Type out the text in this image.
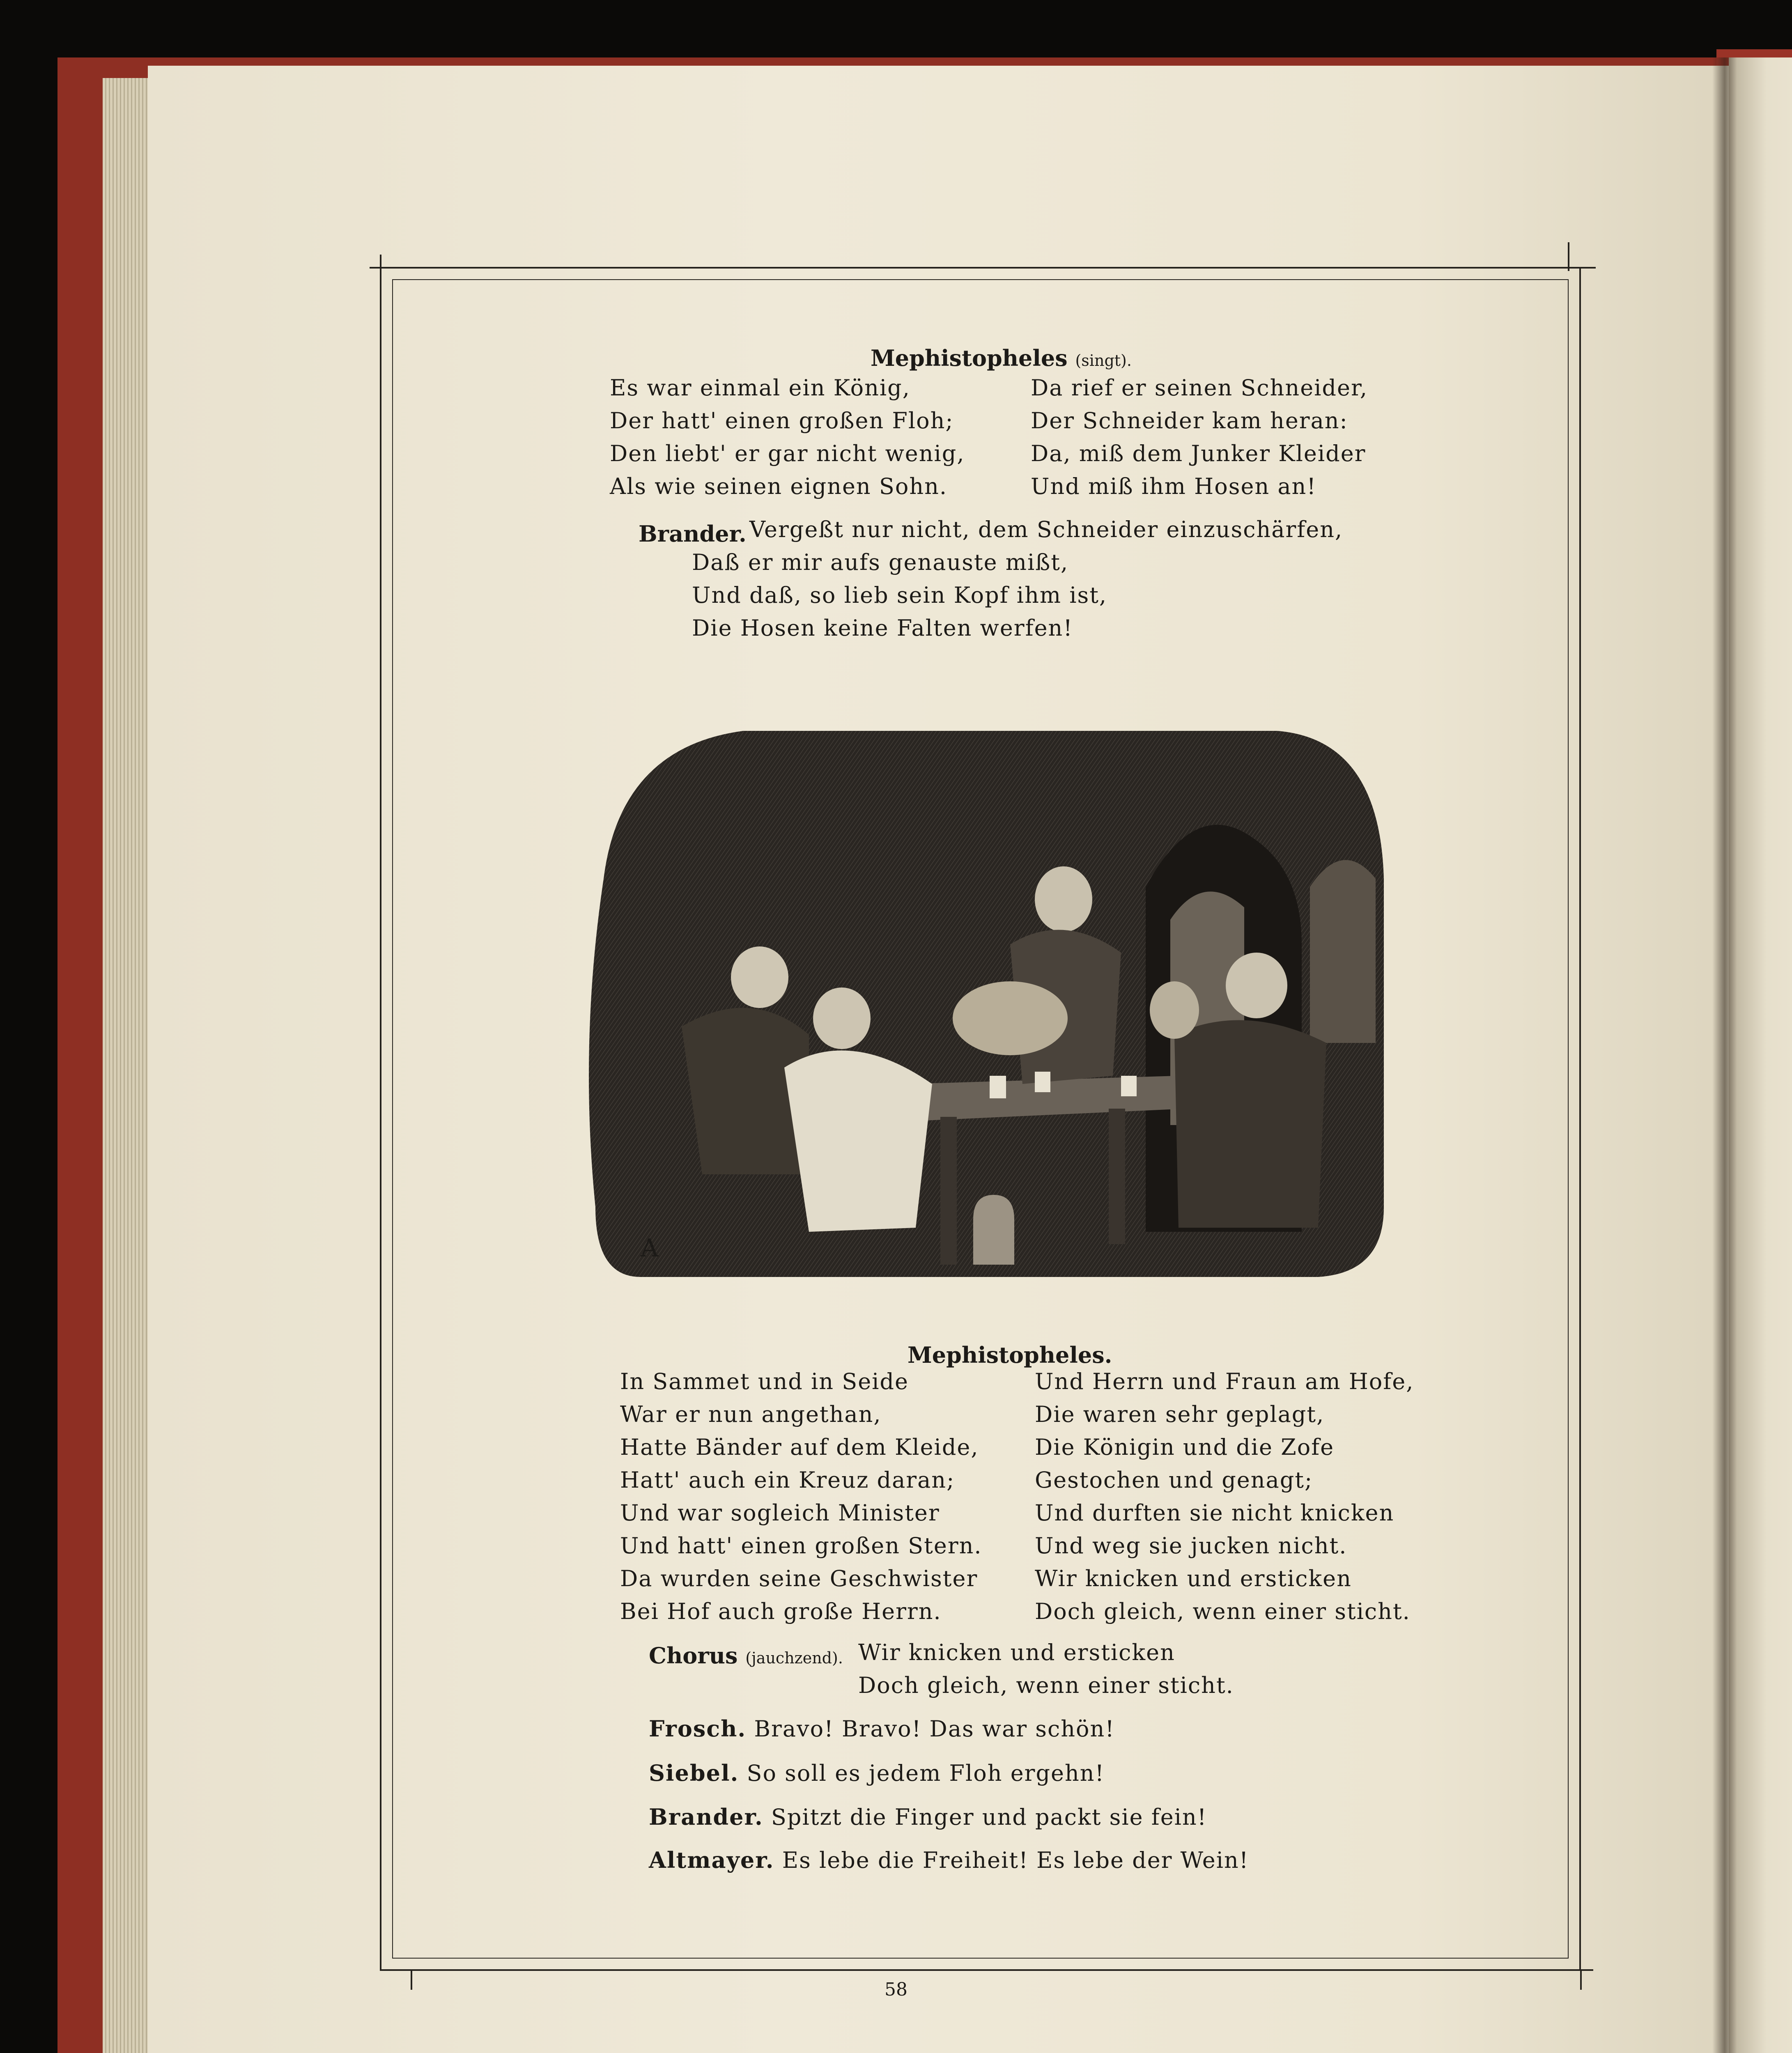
Mephistopheles (singt).
Es war einmal ein König,
Der hatt' einen großen Floh;
Den liebt' er gar nicht wenig,
Als wie seinen eignen Sohn.
Da rief er seinen Schneider,
Der Schneider kam heran:
Da, miß dem Junker Kleider
Und miß ihm Hosen an!
Brander. Vergeßt nur nicht, dem Schneider einzuschärfen,
Daß er mir aufs genauste mißt,
Und daß, so lieb sein Kopf ihm ist,
Die Hosen keine Falten werfen!
A
Mephistopheles.
In Sammet und in Seide
War er nun angethan,
Hatte Bänder auf dem Kleide,
Hatt' auch ein Kreuz daran;
Und war sogleich Minister
Und hatt' einen großen Stern.
Da wurden seine Geschwister
Bei Hof auch große Herrn.
Und Herrn und Fraun am Hofe,
Die waren sehr geplagt,
Die Königin und die Zofe
Gestochen und genagt;
Und durften sie nicht knicken
Und weg sie jucken nicht.
Wir knicken und ersticken
Doch gleich, wenn einer sticht.
Chorus (jauchzend). Wir knicken und ersticken
Doch gleich, wenn einer sticht.
Frosch. Bravo! Bravo! Das war schön!
Siebel. So soll es jedem Floh ergehn!
Brander. Spitzt die Finger und packt sie fein!
Altmayer. Es lebe die Freiheit! Es lebe der Wein!
58
